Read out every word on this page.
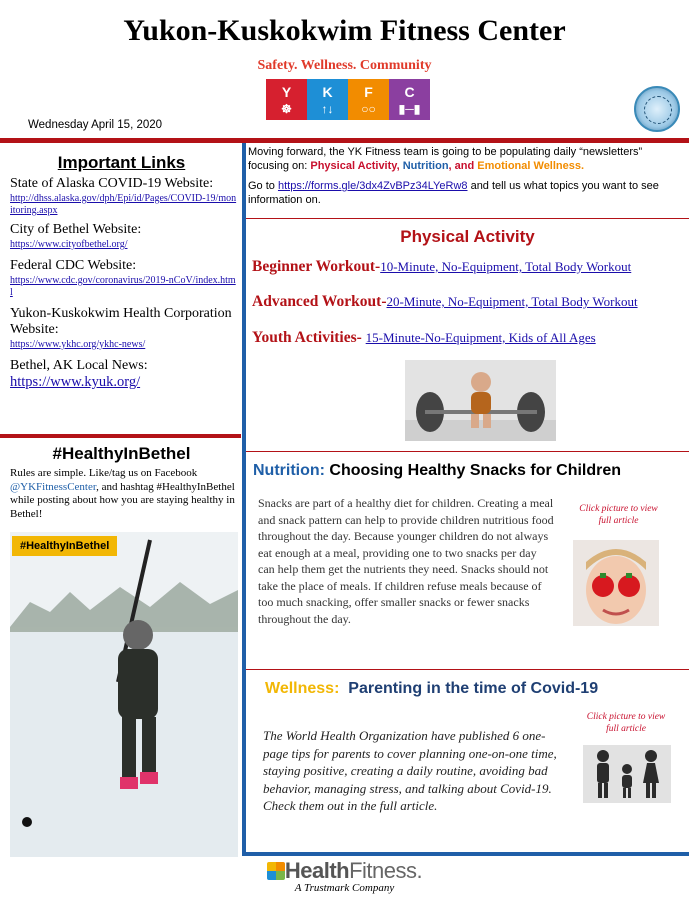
Yukon-Kuskokwim Fitness Center
Safety. Wellness. Community
Y
☸
K
↑↓
F
○○
C
▮─▮
Wednesday April 15, 2020
Important Links
State of Alaska COVID-19 Website:
http://dhss.alaska.gov/dph/Epi/id/Pages/COVID-19/monitoring.aspx
City of Bethel Website:
https://www.cityofbethel.org/
Federal CDC Website:
https://www.cdc.gov/coronavirus/2019-nCoV/index.html
Yukon-Kuskokwim Health Corporation Website:
https://www.ykhc.org/ykhc-news/
Bethel, AK Local News:
https://www.kyuk.org/
#HealthyInBethel
Rules are simple. Like/tag us on Facebook @YKFitnessCenter, and hashtag #HealthyInBethel while posting about how you are staying healthy in Bethel!
#HealthyInBethel
Moving forward, the YK Fitness team is going to be populating daily “newsletters” focusing on: Physical Activity, Nutrition, and Emotional Wellness.
Go to https://forms.gle/3dx4ZvBPz34LYeRw8 and tell us what topics you want to see information on.
Physical Activity
Beginner Workout-10-Minute, No-Equipment, Total Body Workout
Advanced Workout-20-Minute, No-Equipment, Total Body Workout
Youth Activities- 15-Minute-No-Equipment, Kids of All Ages
Nutrition: Choosing Healthy Snacks for Children
Snacks are part of a healthy diet for children. Creating a meal and snack pattern can help to provide children nutritious food throughout the day. Because younger children do not always eat enough at a meal, providing one to two snacks per day can help them get the nutrients they need. Snacks should not take the place of meals. If children refuse meals because of too much snacking, offer smaller snacks or fewer snacks throughout the day.
Click picture to view full article
Wellness: Parenting in the time of Covid-19
Click picture to view full article
The World Health Organization have published 6 one-page tips for parents to cover planning one-on-one time, staying positive, creating a daily routine, avoiding bad behavior, managing stress, and talking about Covid-19. Check them out in the full article.
HealthFitness.
A Trustmark Company
